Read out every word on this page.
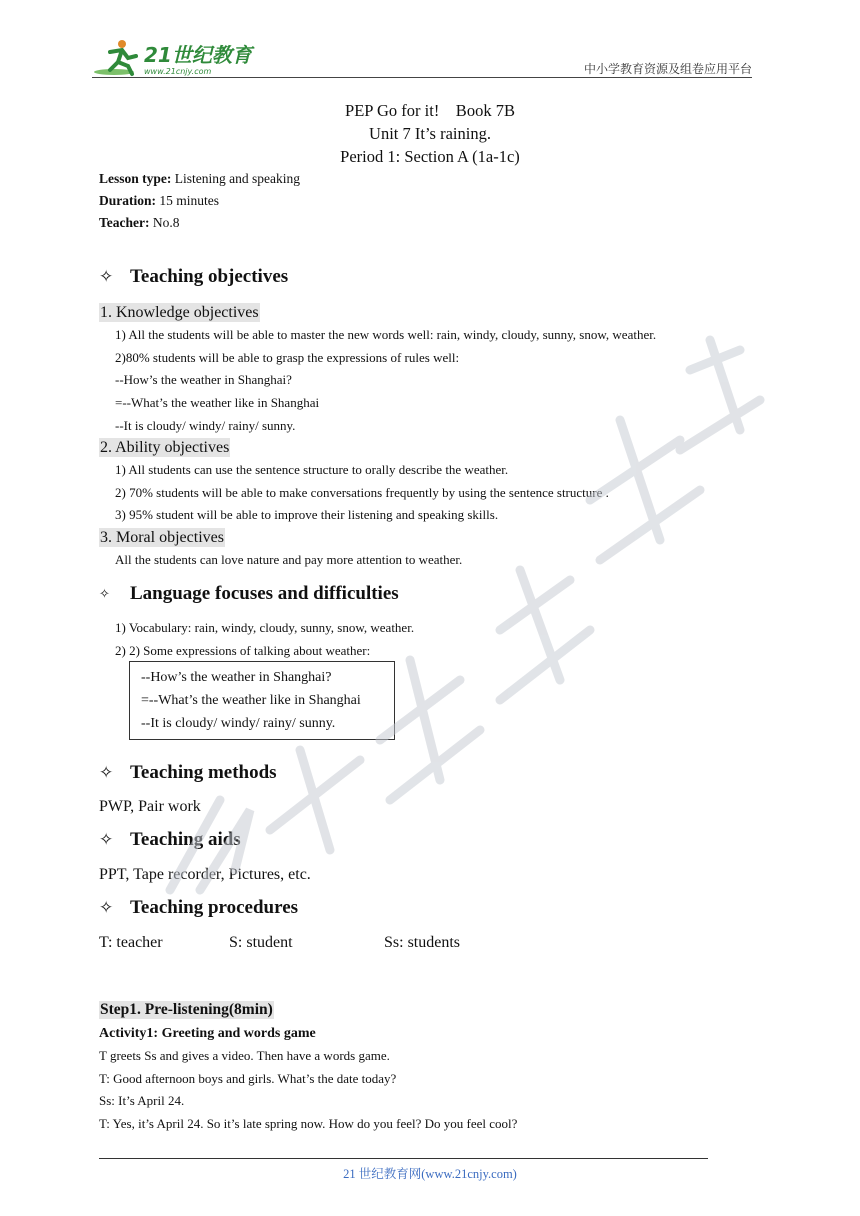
21世纪教育
www.21cnjy.com	中小学教育资源及组卷应用平台
PEP Go for it!    Book 7B
Unit 7 It’s raining.
Period 1: Section A (1a-1c)
Lesson type: Listening and speaking
Duration: 15 minutes
Teacher: No.8
✧ Teaching objectives
1. Knowledge objectives
1) All the students will be able to master the new words well: rain, windy, cloudy, sunny, snow, weather.
2)80% students will be able to grasp the expressions of rules well:
--How’s the weather in Shanghai?
=--What’s the weather like in Shanghai
--It is cloudy/ windy/ rainy/ sunny.
2. Ability objectives
1) All students can use the sentence structure to orally describe the weather.
2) 70% students will be able to make conversations frequently by using the sentence structure .
3) 95% student will be able to improve their listening and speaking skills.
3. Moral objectives
All the students can love nature and pay more attention to weather.
✧	Language focuses and difficulties
1) Vocabulary: rain, windy, cloudy, sunny, snow, weather.
2) 2) Some expressions of talking about weather:
--How’s the weather in Shanghai?
=--What’s the weather like in Shanghai
--It is cloudy/ windy/ rainy/ sunny.
✧ Teaching methods
PWP, Pair work
✧ Teaching aids
PPT, Tape recorder, Pictures, etc.
✧ Teaching procedures
T: teacher	S: student	Ss: students
Step1. Pre-listening(8min)
Activity1: Greeting and words game
T greets Ss and gives a video. Then have a words game.
T: Good afternoon boys and girls. What’s the date today?
Ss: It’s April 24.
T: Yes, it’s April 24. So it’s late spring now. How do you feel? Do you feel cool?
21 世纪教育网(www.21cnjy.com)
